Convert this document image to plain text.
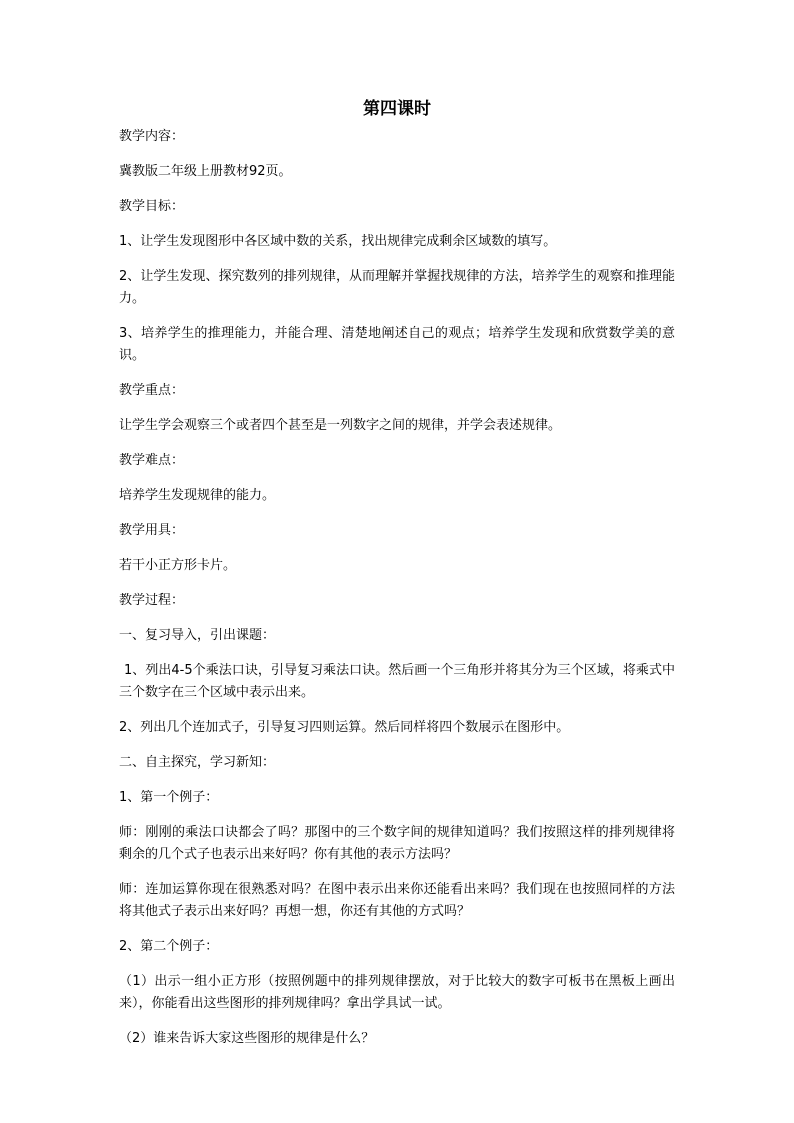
第四课时

教学内容：

冀教版二年级上册教材92页。

教学目标：

1、让学生发现图形中各区域中数的关系，找出规律完成剩余区域数的填写。

2、让学生发现、探究数列的排列规律，从而理解并掌握找规律的方法，培养学生的观察和推理能力。

3、培养学生的推理能力，并能合理、清楚地阐述自己的观点；培养学生发现和欣赏数学美的意识。

教学重点：

让学生学会观察三个或者四个甚至是一列数字之间的规律，并学会表述规律。

教学难点：

培养学生发现规律的能力。

教学用具：

若干小正方形卡片。

教学过程：

一、复习导入，引出课题：

1、列出4-5个乘法口诀，引导复习乘法口诀。然后画一个三角形并将其分为三个区域，将乘式中三个数字在三个区域中表示出来。

2、列出几个连加式子，引导复习四则运算。然后同样将四个数展示在图形中。

二、自主探究，学习新知：

1、第一个例子：

师：刚刚的乘法口诀都会了吗？那图中的三个数字间的规律知道吗？我们按照这样的排列规律将剩余的几个式子也表示出来好吗？你有其他的表示方法吗？

师：连加运算你现在很熟悉对吗？在图中表示出来你还能看出来吗？我们现在也按照同样的方法将其他式子表示出来好吗？再想一想，你还有其他的方式吗？

2、第二个例子：

（1）出示一组小正方形（按照例题中的排列规律摆放，对于比较大的数字可板书在黑板上画出来），你能看出这些图形的排列规律吗？拿出学具试一试。

（2）谁来告诉大家这些图形的规律是什么？
